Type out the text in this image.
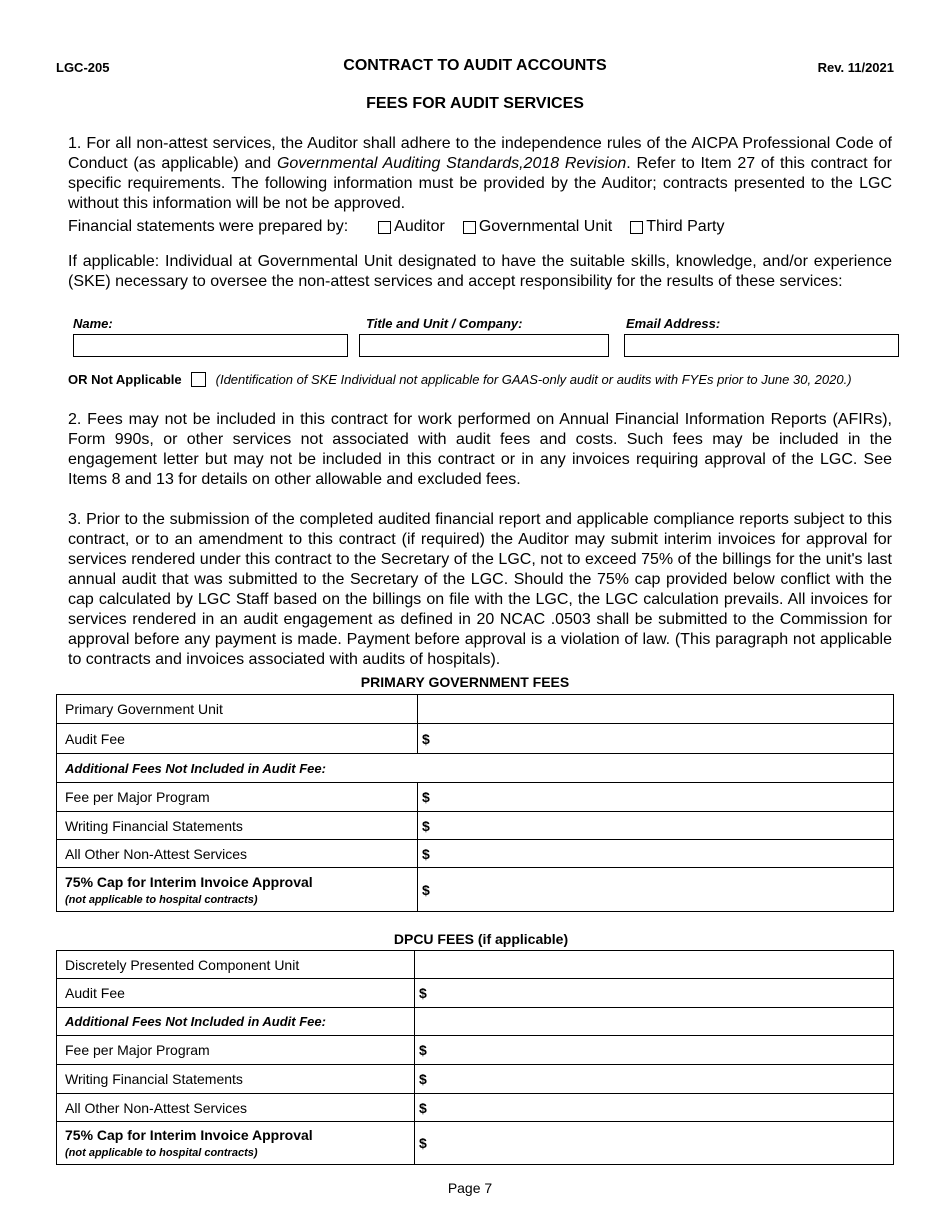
LGC-205	CONTRACT TO AUDIT ACCOUNTS	Rev. 11/2021
FEES FOR AUDIT SERVICES
1. For all non-attest services, the Auditor shall adhere to the independence rules of the AICPA Professional Code of Conduct (as applicable) and Governmental Auditing Standards,2018 Revision. Refer to Item 27 of this contract for specific requirements. The following information must be provided by the Auditor; contracts presented to the LGC without this information will be not be approved.
Financial statements were prepared by:	Auditor Governmental Unit Third Party
If applicable: Individual at Governmental Unit designated to have the suitable skills, knowledge, and/or experience (SKE) necessary to oversee the non-attest services and accept responsibility for the results of these services:
Name:	Title and Unit / Company:	Email Address:
OR Not Applicable	(Identification of SKE Individual not applicable for GAAS-only audit or audits with FYEs prior to June 30, 2020.)
2. Fees may not be included in this contract for work performed on Annual Financial Information Reports (AFIRs), Form 990s, or other services not associated with audit fees and costs. Such fees may be included in the engagement letter but may not be included in this contract or in any invoices requiring approval of the LGC. See Items 8 and 13 for details on other allowable and excluded fees.
3. Prior to the submission of the completed audited financial report and applicable compliance reports subject to this contract, or to an amendment to this contract (if required) the Auditor may submit interim invoices for approval for services rendered under this contract to the Secretary of the LGC, not to exceed 75% of the billings for the unit's last annual audit that was submitted to the Secretary of the LGC. Should the 75% cap provided below conflict with the cap calculated by LGC Staff based on the billings on file with the LGC, the LGC calculation prevails. All invoices for services rendered in an audit engagement as defined in 20 NCAC .0503 shall be submitted to the Commission for approval before any payment is made. Payment before approval is a violation of law. (This paragraph not applicable to contracts and invoices associated with audits of hospitals).
PRIMARY GOVERNMENT FEES
Primary Government Unit	
Audit Fee	$
Additional Fees Not Included in Audit Fee:	
Fee per Major Program	$
Writing Financial Statements	$
All Other Non-Attest Services	$

75% Cap for Interim Invoice Approval
(not applicable to hospital contracts)	$
DPCU FEES (if applicable)
Discretely Presented Component Unit	
Audit Fee	$
Additional Fees Not Included in Audit Fee:	
Fee per Major Program	$
Writing Financial Statements	$
All Other Non-Attest Services	$

75% Cap for Interim Invoice Approval
(not applicable to hospital contracts)	$
Page 7
